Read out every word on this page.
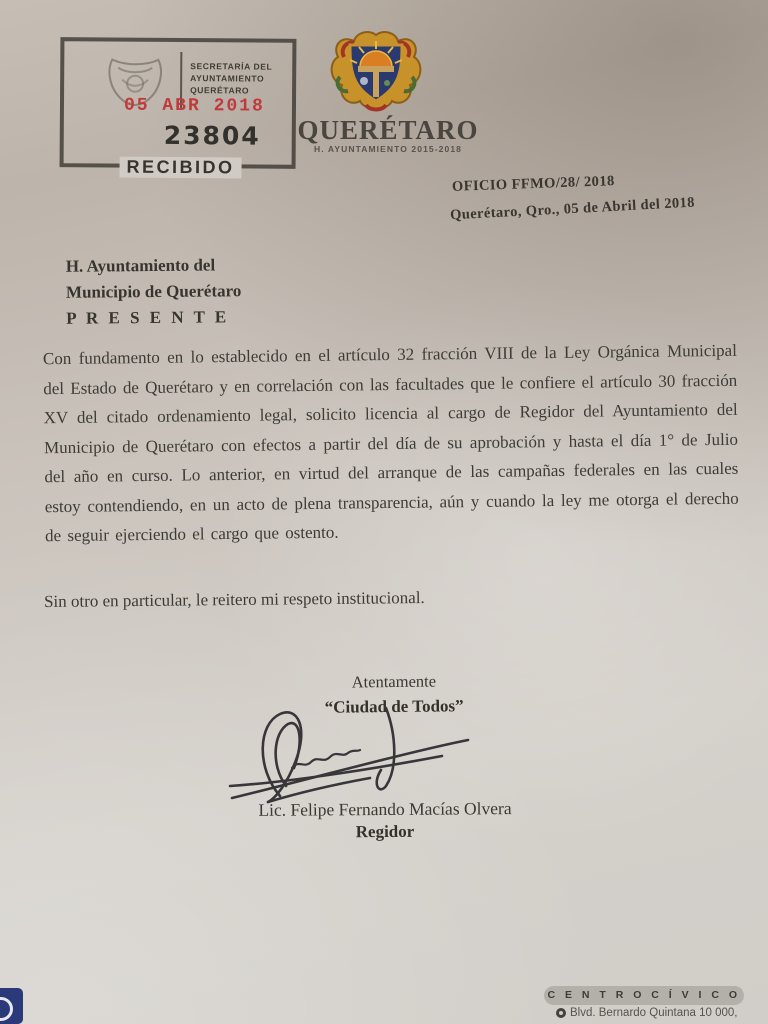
SECRETARÍA DEL
AYUNTAMIENTO
QUERÉTARO
05 ABR 2018
23804
RECIBIDO
QUERÉTARO
H. AYUNTAMIENTO 2015-2018
OFICIO FFMO/28/ 2018
Querétaro, Qro., 05 de Abril del 2018
H. Ayuntamiento del
Municipio de Querétaro
P R E S E N T E
Con fundamento en lo establecido en el artículo 32 fracción VIII de la Ley Orgánica Municipal del Estado de Querétaro y en correlación con las facultades que le confiere el artículo 30 fracción XV del citado ordenamiento legal, solicito licencia al cargo de Regidor del Ayuntamiento del Municipio de Querétaro con efectos a partir del día de su aprobación y hasta el día 1° de Julio del año en curso. Lo anterior, en virtud del arranque de las campañas federales en las cuales estoy contendiendo, en un acto de plena transparencia, aún y cuando la ley me otorga el derecho de seguir ejerciendo el cargo que ostento.
Sin otro en particular, le reitero mi respeto institucional.
Atentamente
“Ciudad de Todos”
Lic. Felipe Fernando Macías Olvera
Regidor
C E N T R O C Í V I C O
Blvd. Bernardo Quintana 10 000,
